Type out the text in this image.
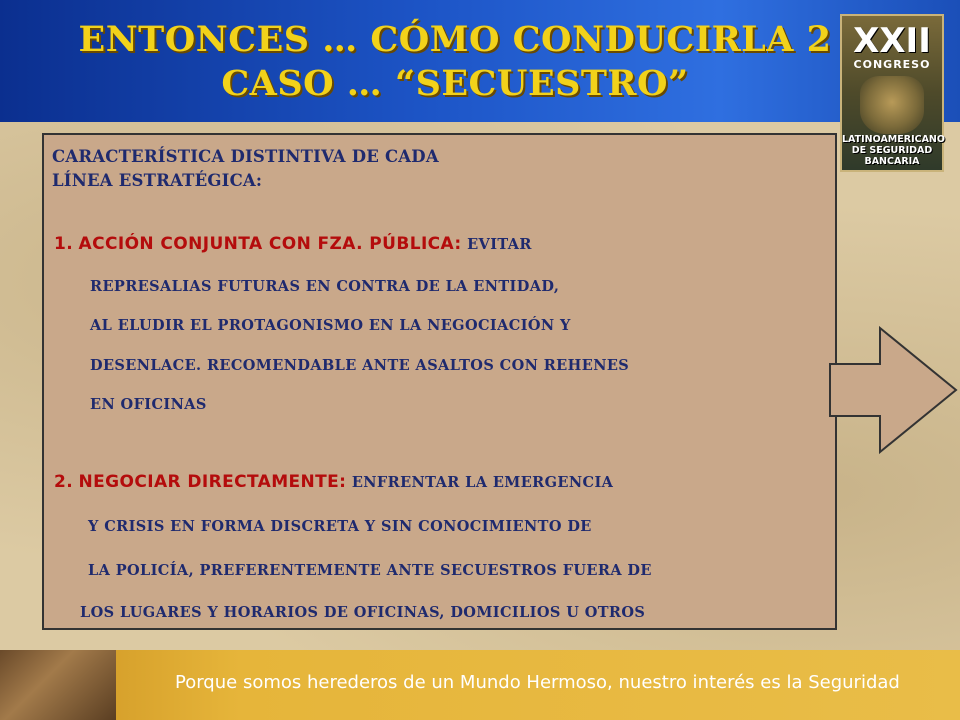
ENTONCES … CÓMO CONDUCIRLA 2
CASO … “SECUESTRO”
XXII
CONGRESO
LATINOAMERICANO
DE SEGURIDAD
BANCARIA
CARACTERÍSTICA DISTINTIVA DE CADA
LÍNEA ESTRATÉGICA:
1. ACCIÓN CONJUNTA CON FZA. PÚBLICA: EVITAR
REPRESALIAS FUTURAS EN CONTRA DE LA ENTIDAD,
AL ELUDIR EL PROTAGONISMO EN LA NEGOCIACIÓN Y
DESENLACE. RECOMENDABLE ANTE ASALTOS CON REHENES
EN OFICINAS
2. NEGOCIAR DIRECTAMENTE: ENFRENTAR LA EMERGENCIA
Y CRISIS EN FORMA DISCRETA Y SIN CONOCIMIENTO DE
LA POLICÍA, PREFERENTEMENTE ANTE SECUESTROS FUERA DE
LOS LUGARES Y HORARIOS DE OFICINAS, DOMICILIOS U OTROS
Porque somos herederos de un Mundo Hermoso, nuestro interés es la Seguridad
